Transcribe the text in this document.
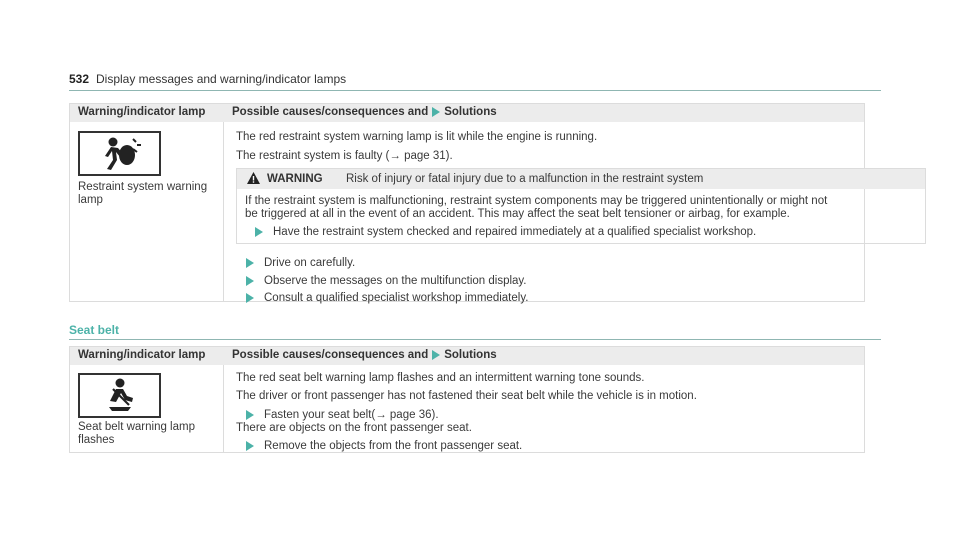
532 Display messages and warning/indicator lamps
Warning/indicator lamp Possible causes/consequences and Solutions
Restraint system warning
lamp
The red restraint system warning lamp is lit while the engine is running.
The restraint system is faulty (→ page 31).
WARNING Risk of injury or fatal injury due to a malfunction in the restraint system
If the restraint system is malfunctioning, restraint system components may be triggered unintentionally or might not
be triggered at all in the event of an accident. This may affect the seat belt tensioner or airbag, for example.
Have the restraint system checked and repaired immediately at a qualified specialist workshop.
Drive on carefully.
Observe the messages on the multifunction display.
Consult a qualified specialist workshop immediately.
Seat belt
Warning/indicator lamp Possible causes/consequences and Solutions
Seat belt warning lamp
flashes
The red seat belt warning lamp flashes and an intermittent warning tone sounds.
The driver or front passenger has not fastened their seat belt while the vehicle is in motion.
Fasten your seat belt(→ page 36).
There are objects on the front passenger seat.
Remove the objects from the front passenger seat.
